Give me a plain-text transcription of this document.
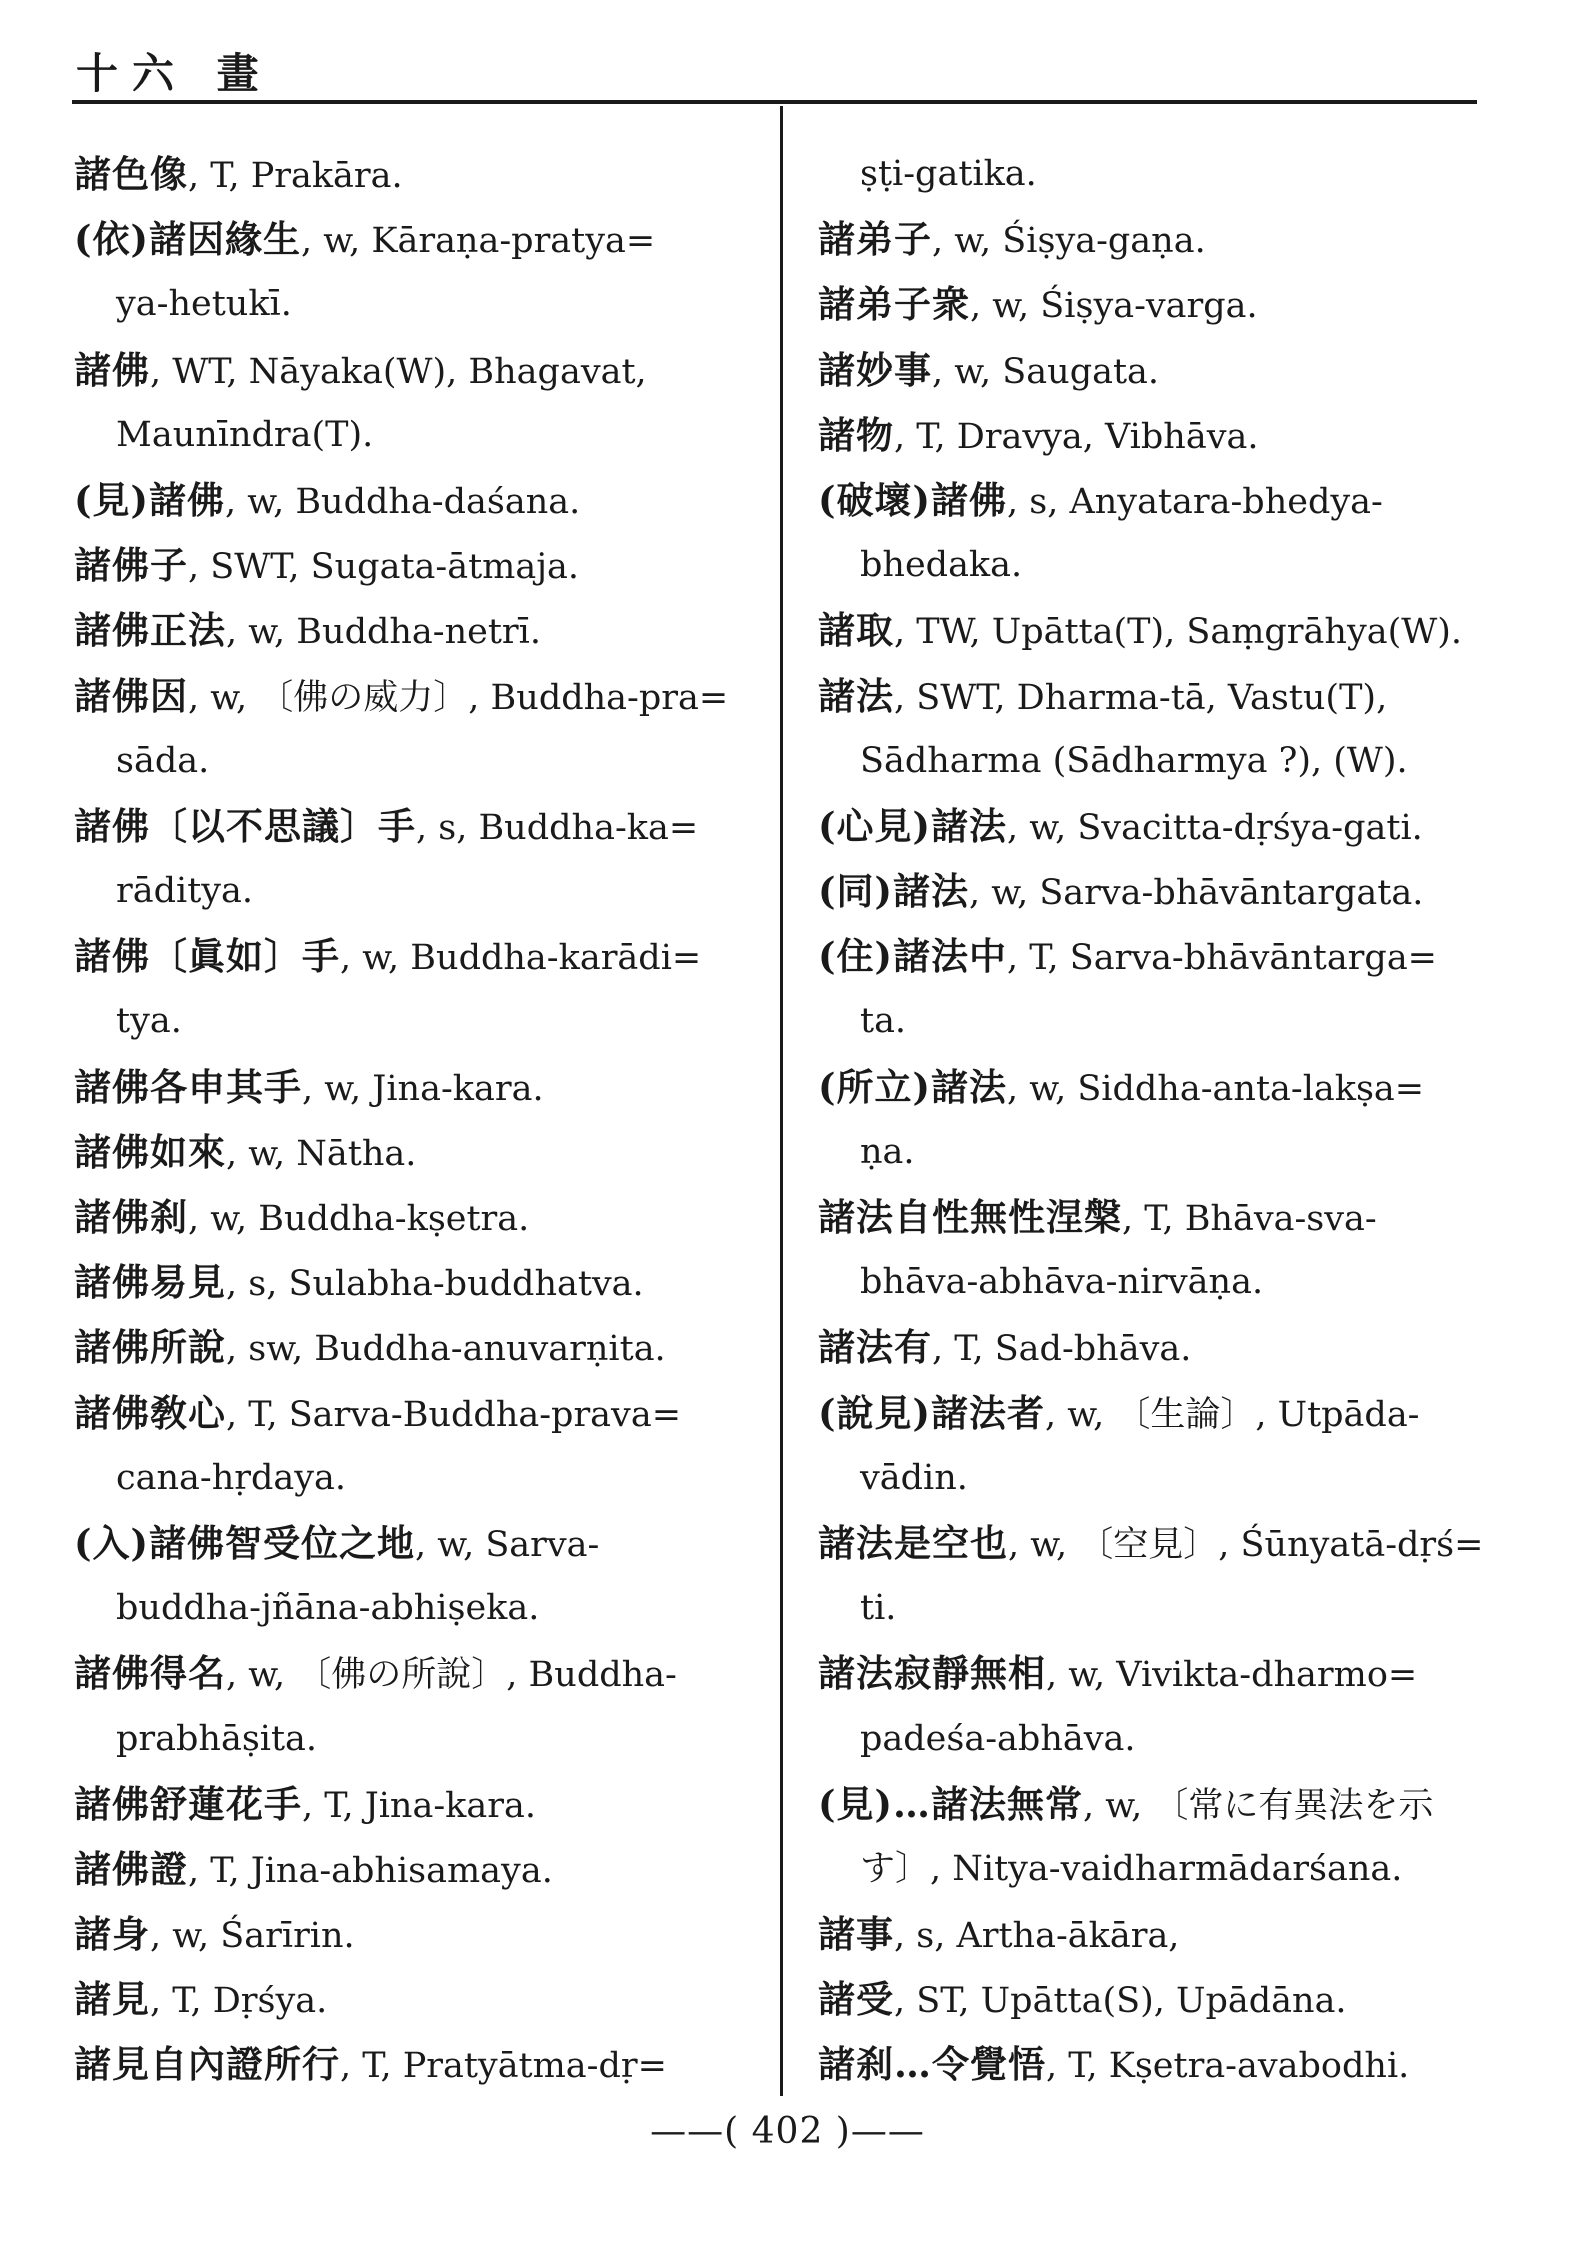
十六 畫
諸色像, T, Prakāra.
(依)諸因緣生, w, Kāraṇa-pratya=
ya-hetukī.
諸佛, WT, Nāyaka(W), Bhagavat,
Maunīndra(T).
(見)諸佛, w, Buddha-daśana.
諸佛子, SWT, Sugata-ātmaja.
諸佛正法, w, Buddha-netrī.
諸佛因, w, 〔佛の威力〕, Buddha-pra=
sāda.
諸佛〔以不思議〕手, s, Buddha-ka=
rāditya.
諸佛〔眞如〕手, w, Buddha-karādi=
tya.
諸佛各申其手, w, Jina-kara.
諸佛如來, w, Nātha.
諸佛刹, w, Buddha-kṣetra.
諸佛易見, s, Sulabha-buddhatva.
諸佛所說, sw, Buddha-anuvarṇita.
諸佛敎心, T, Sarva-Buddha-prava=
cana-hṛdaya.
(入)諸佛智受位之地, w, Sarva-
buddha-jñāna-abhiṣeka.
諸佛得名, w, 〔佛の所說〕, Buddha-
prabhāṣita.
諸佛舒蓮花手, T, Jina-kara.
諸佛證, T, Jina-abhisamaya.
諸身, w, Śarīrin.
諸見, T, Dṛśya.
諸見自內證所行, T, Pratyātma-dṛ=
ṣṭi-gatika.
諸弟子, w, Śiṣya-gaṇa.
諸弟子衆, w, Śiṣya-varga.
諸妙事, w, Saugata.
諸物, T, Dravya, Vibhāva.
(破壞)諸佛, s, Anyatara-bhedya-
bhedaka.
諸取, TW, Upātta(T), Saṃgrāhya(W).
諸法, SWT, Dharma-tā, Vastu(T),
Sādharma (Sādharmya ?), (W).
(心見)諸法, w, Svacitta-dṛśya-gati.
(同)諸法, w, Sarva-bhāvāntargata.
(住)諸法中, T, Sarva-bhāvāntarga=
ta.
(所立)諸法, w, Siddha-anta-lakṣa=
ṇa.
諸法自性無性涅槃, T, Bhāva-sva-
bhāva-abhāva-nirvāṇa.
諸法有, T, Sad-bhāva.
(說見)諸法者, w, 〔生論〕, Utpāda-
vādin.
諸法是空也, w, 〔空見〕, Śūnyatā-dṛś=
ti.
諸法寂靜無相, w, Vivikta-dharmo=
padeśa-abhāva.
(見)…諸法無常, w, 〔常に有異法を示
す〕, Nitya-vaidharmādarśana.
諸事, s, Artha-ākāra,
諸受, ST, Upātta(S), Upādāna.
諸刹…令覺悟, T, Kṣetra-avabodhi.
——( 402 )——
